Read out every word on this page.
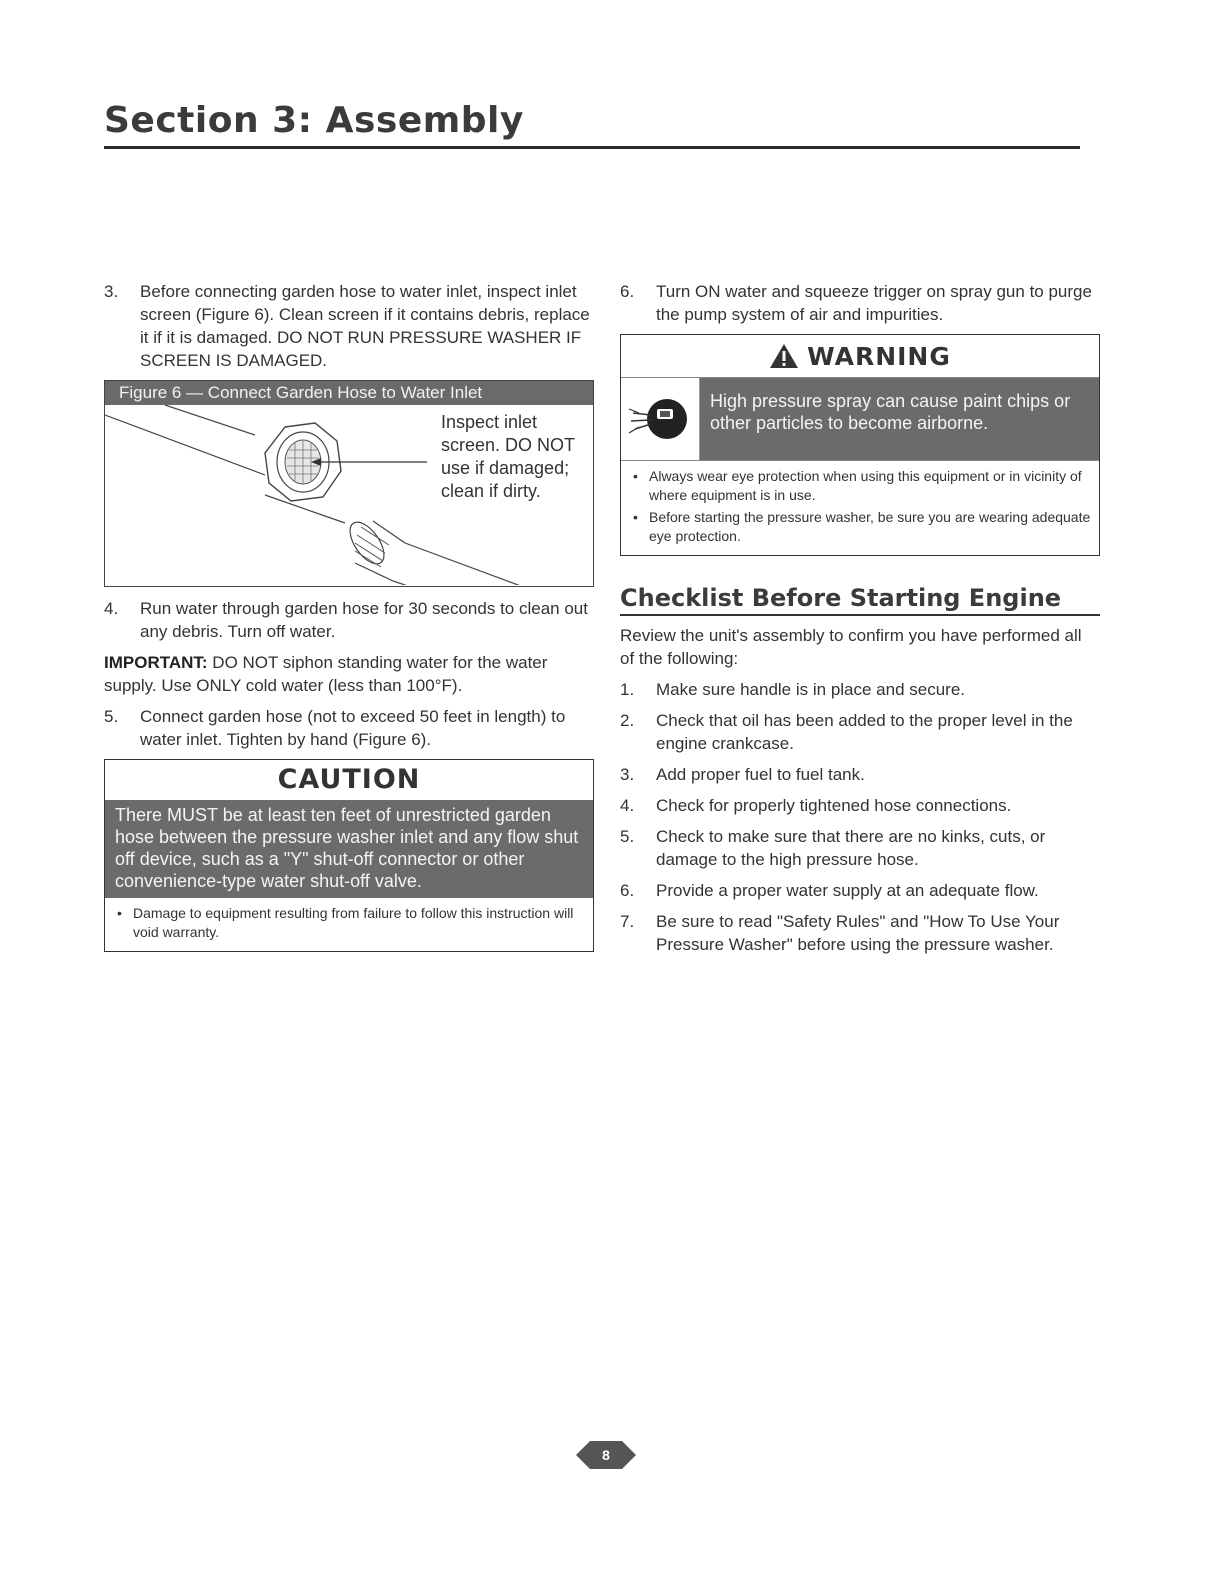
Section 3: Assembly
3.	Before connecting garden hose to water inlet, inspect inlet screen (Figure 6). Clean screen if it contains debris, replace it if it is damaged. DO NOT RUN PRESSURE WASHER IF SCREEN IS DAMAGED.
Figure 6 — Connect Garden Hose to Water Inlet
Inspect inlet screen. DO NOT use if damaged; clean if dirty.
4.	Run water through garden hose for 30 seconds to clean out any debris. Turn off water.
IMPORTANT: DO NOT siphon standing water for the water supply. Use ONLY cold water (less than 100°F).
5.	Connect garden hose (not to exceed 50 feet in length) to water inlet. Tighten by hand (Figure 6).
CAUTION
There MUST be at least ten feet of unrestricted garden hose between the pressure washer inlet and any flow shut off device, such as a "Y" shut-off connector or other convenience-type water shut-off valve.
• Damage to equipment resulting from failure to follow this instruction will void warranty.
6.	Turn ON water and squeeze trigger on spray gun to purge the pump system of air and impurities.
WARNING
High pressure spray can cause paint chips or other particles to become airborne.
• Always wear eye protection when using this equipment or in vicinity of where equipment is in use.
• Before starting the pressure washer, be sure you are wearing adequate eye protection.
Checklist Before Starting Engine
Review the unit's assembly to confirm you have performed all of the following:
1.	Make sure handle is in place and secure.
2.	Check that oil has been added to the proper level in the engine crankcase.
3.	Add proper fuel to fuel tank.
4.	Check for properly tightened hose connections.
5.	Check to make sure that there are no kinks, cuts, or damage to the high pressure hose.
6.	Provide a proper water supply at an adequate flow.
7.	Be sure to read "Safety Rules" and "How To Use Your Pressure Washer" before using the pressure washer.
8
